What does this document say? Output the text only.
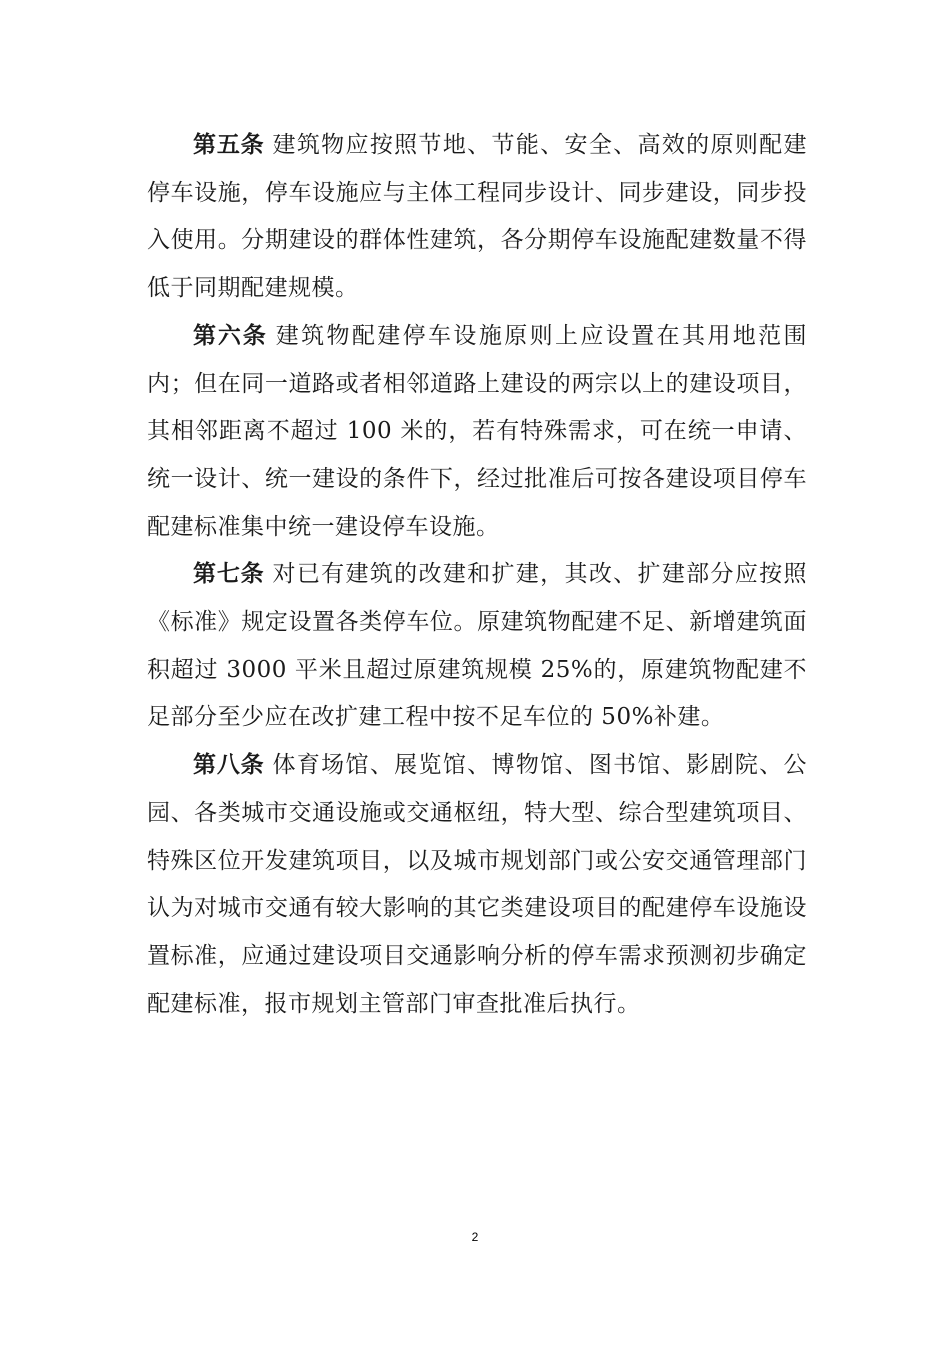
第五条 建筑物应按照节地、节能、安全、高效的原则配建停车设施，停车设施应与主体工程同步设计、同步建设，同步投入使用。分期建设的群体性建筑，各分期停车设施配建数量不得低于同期配建规模。

第六条 建筑物配建停车设施原则上应设置在其用地范围内；但在同一道路或者相邻道路上建设的两宗以上的建设项目，其相邻距离不超过 100 米的，若有特殊需求，可在统一申请、统一设计、统一建设的条件下，经过批准后可按各建设项目停车配建标准集中统一建设停车设施。

第七条 对已有建筑的改建和扩建，其改、扩建部分应按照《标准》规定设置各类停车位。原建筑物配建不足、新增建筑面积超过 3000 平米且超过原建筑规模 25%的，原建筑物配建不足部分至少应在改扩建工程中按不足车位的 50%补建。

第八条 体育场馆、展览馆、博物馆、图书馆、影剧院、公园、各类城市交通设施或交通枢纽，特大型、综合型建筑项目、特殊区位开发建筑项目，以及城市规划部门或公安交通管理部门认为对城市交通有较大影响的其它类建设项目的配建停车设施设置标准，应通过建设项目交通影响分析的停车需求预测初步确定配建标准，报市规划主管部门审查批准后执行。

2
